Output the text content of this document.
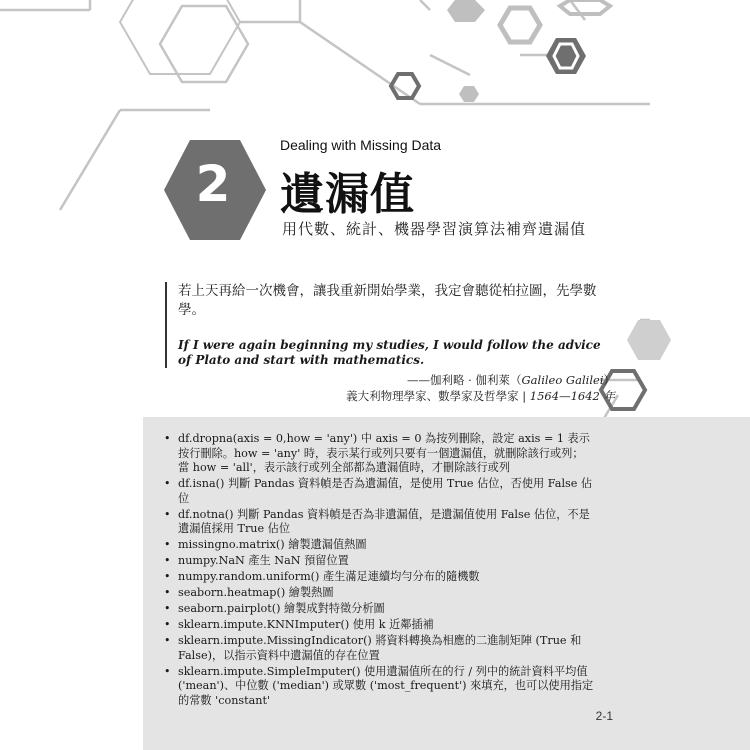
2

Dealing with Missing Data

遺漏值

用代數、統計、機器學習演算法補齊遺漏值

若上天再給一次機會，讓我重新開始學業，我定會聽從柏拉圖，先學數學。

If I were again beginning my studies, I would follow the advice of Plato and start with mathematics.

——伽利略 · 伽利萊（Galileo Galilei）

義大利物理學家、數學家及哲學家 | 1564—1642 年

• df.dropna(axis = 0,how = 'any') 中 axis = 0 為按列刪除，設定 axis = 1 表示按行刪除。how = 'any' 時，表示某行或列只要有一個遺漏值，就刪除該行或列；當 how = 'all'，表示該行或列全部都為遺漏值時，才刪除該行或列
• df.isna() 判斷 Pandas 資料幀是否為遺漏值，是使用 True 佔位，否使用 False 佔位
• df.notna() 判斷 Pandas 資料幀是否為非遺漏值，是遺漏值使用 False 佔位，不是遺漏值採用 True 佔位
• missingno.matrix() 繪製遺漏值熱圖
• numpy.NaN 產生 NaN 預留位置
• numpy.random.uniform() 產生滿足連續均勻分布的隨機數
• seaborn.heatmap() 繪製熱圖
• seaborn.pairplot() 繪製成對特徵分析圖
• sklearn.impute.KNNImputer() 使用 k 近鄰插補
• sklearn.impute.MissingIndicator() 將資料轉換為相應的二進制矩陣 (True 和 False)，以指示資料中遺漏值的存在位置
• sklearn.impute.SimpleImputer() 使用遺漏值所在的行 / 列中的統計資料平均值 ('mean')、中位數 ('median') 或眾數 ('most_frequent') 來填充，也可以使用指定的常數 'constant'
2-1
